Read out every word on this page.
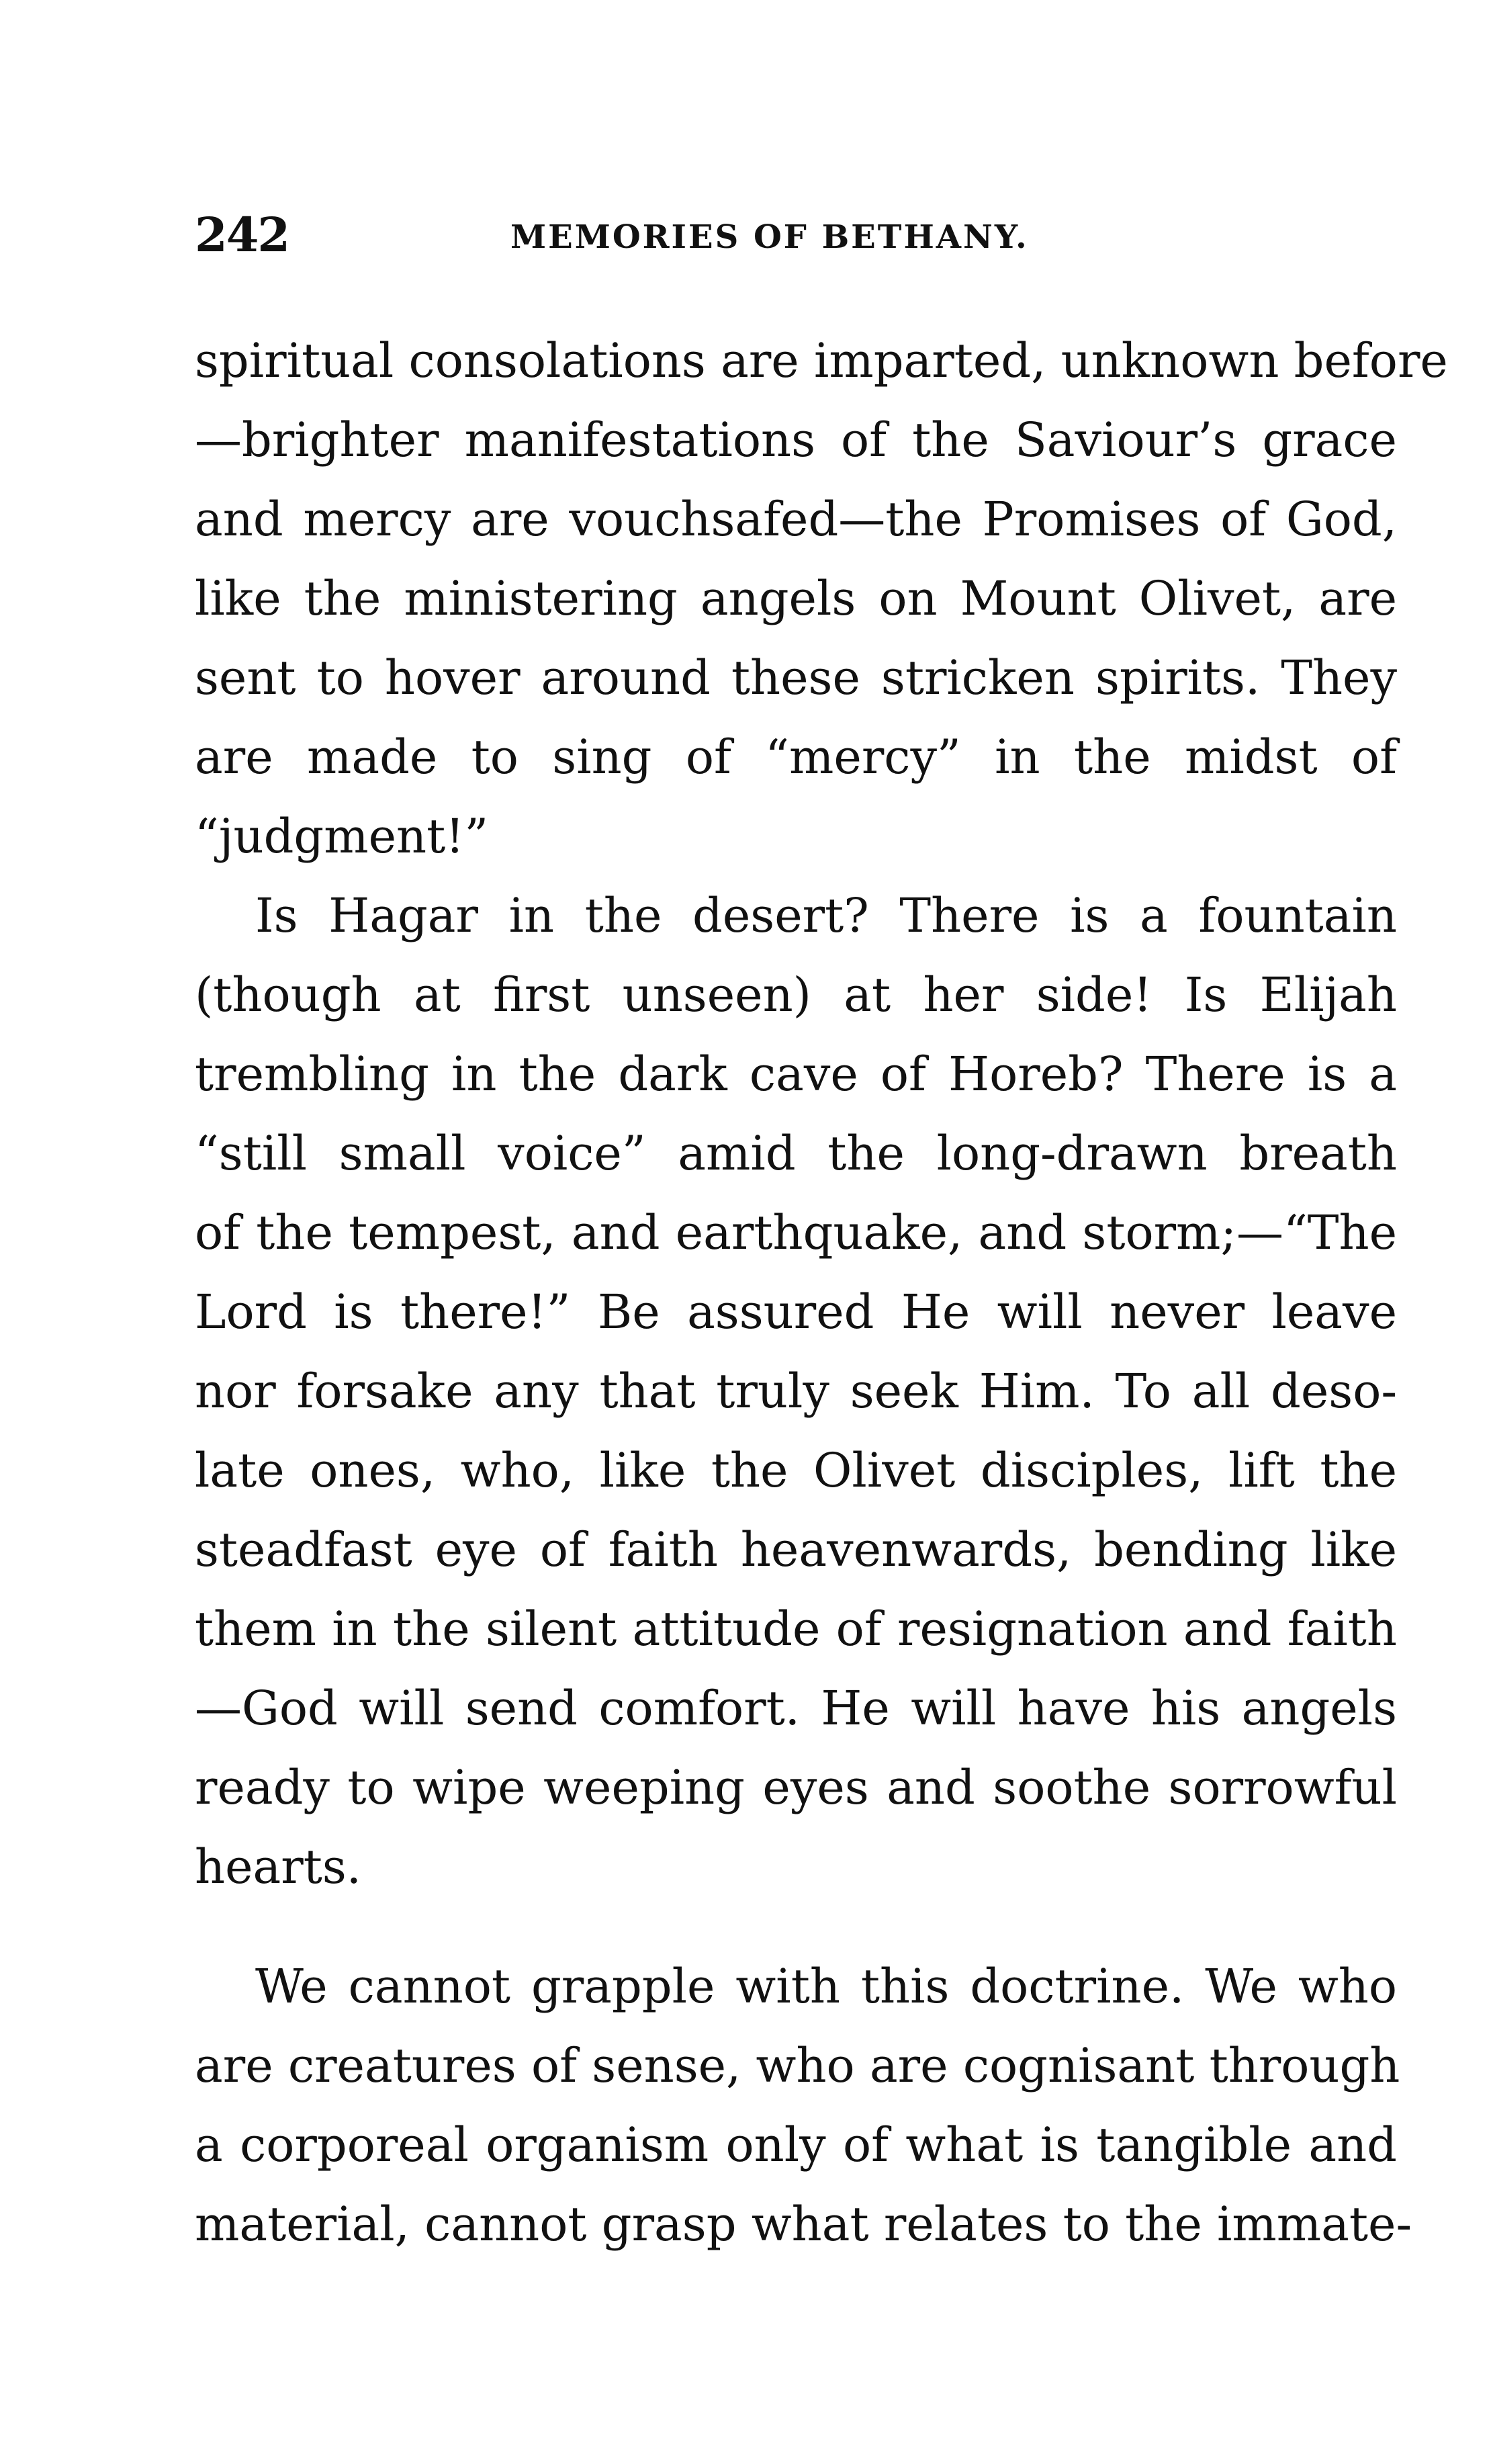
242	MEMORIES OF BETHANY.
spiritual consolations are imparted, unknown before
—brighter manifestations of the Saviour’s grace
and mercy are vouchsafed—the Promises of God,
like the ministering angels on Mount Olivet, are
sent to hover around these stricken spirits. They
are made to sing of “mercy” in the midst of
“judgment!”
Is Hagar in the desert? There is a fountain
(though at first unseen) at her side! Is Elijah
trembling in the dark cave of Horeb? There is a
“still small voice” amid the long-drawn breath
of the tempest, and earthquake, and storm;—“The
Lord is there!” Be assured He will never leave
nor forsake any that truly seek Him. To all deso-
late ones, who, like the Olivet disciples, lift the
steadfast eye of faith heavenwards, bending like
them in the silent attitude of resignation and faith
—God will send comfort. He will have his angels
ready to wipe weeping eyes and soothe sorrowful
hearts.
We cannot grapple with this doctrine. We who
are creatures of sense, who are cognisant through
a corporeal organism only of what is tangible and
material, cannot grasp what relates to the immate-
